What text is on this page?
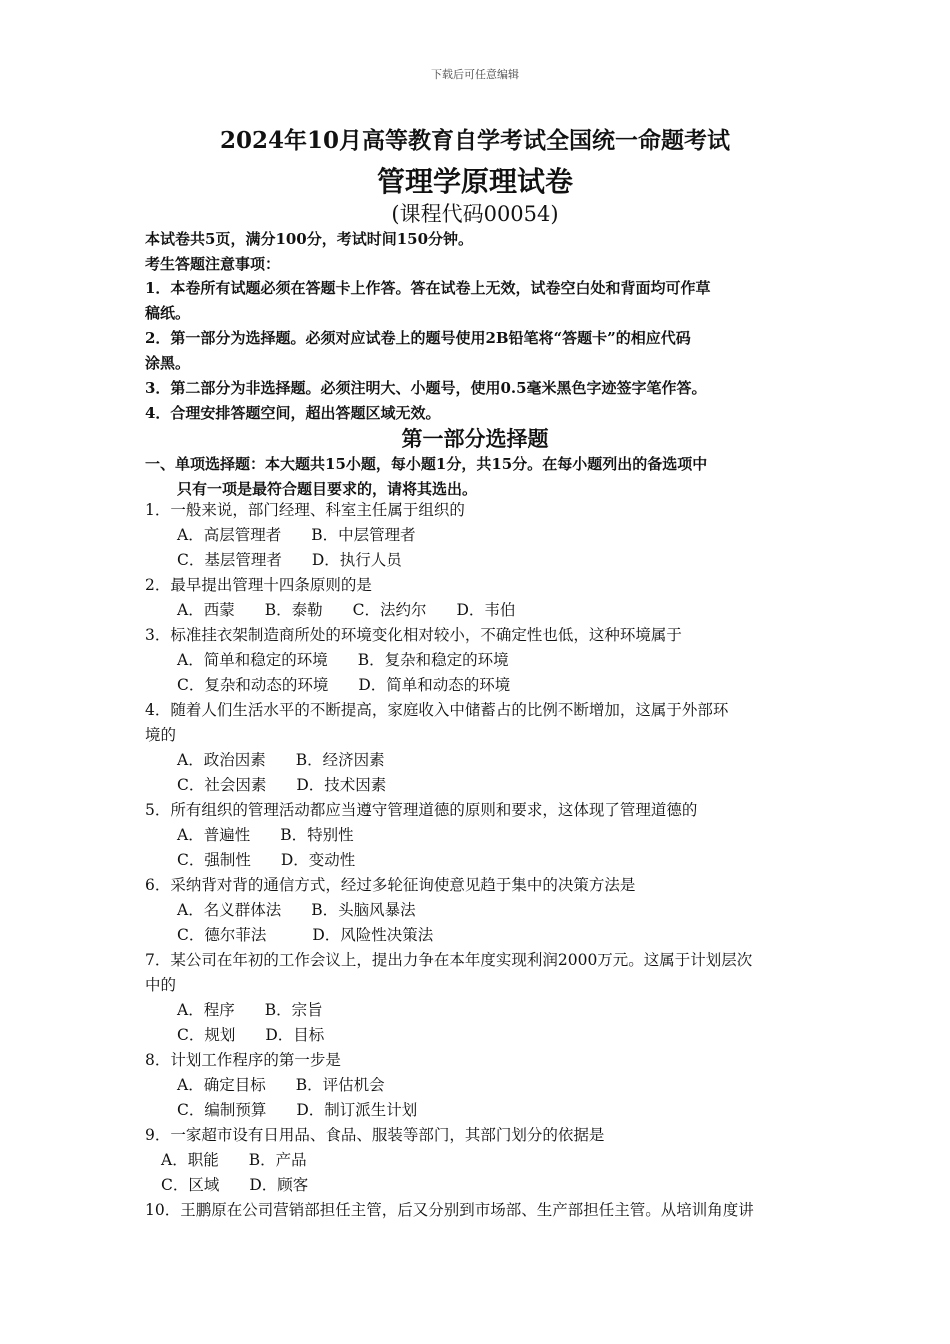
下载后可任意编辑
2024年10月高等教育自学考试全国统一命题考试
管理学原理试卷
(课程代码00054)
本试卷共5页，满分100分，考试时间150分钟。
考生答题注意事项：
1．本卷所有试题必须在答题卡上作答。答在试卷上无效，试卷空白处和背面均可作草
稿纸。
2．第一部分为选择题。必须对应试卷上的题号使用2B铅笔将“答题卡”的相应代码
涂黑。
3．第二部分为非选择题。必须注明大、小题号，使用0.5毫米黑色字迹签字笔作答。
4．合理安排答题空间，超出答题区域无效。
第一部分选择题
一、单项选择题：本大题共15小题，每小题1分，共15分。在每小题列出的备选项中
只有一项是最符合题目要求的，请将其选出。
1．一般来说，部门经理、科室主任属于组织的
A．高层管理者 B．中层管理者
C．基层管理者 D．执行人员
2．最早提出管理十四条原则的是
A．西蒙 B．泰勒 C．法约尔 D．韦伯
3．标准挂衣架制造商所处的环境变化相对较小，不确定性也低，这种环境属于
A．简单和稳定的环境 B．复杂和稳定的环境
C．复杂和动态的环境 D．简单和动态的环境
4．随着人们生活水平的不断提高，家庭收入中储蓄占的比例不断增加，这属于外部环
境的
A．政治因素 B．经济因素
C．社会因素 D．技术因素
5．所有组织的管理活动都应当遵守管理道德的原则和要求，这体现了管理道德的
A．普遍性 B．特别性
C．强制性 D．变动性
6．采纳背对背的通信方式，经过多轮征询使意见趋于集中的决策方法是
A．名义群体法 B．头脑风暴法
C．德尔菲法	D．风险性决策法
7．某公司在年初的工作会议上，提出力争在本年度实现利润2000万元。这属于计划层次
中的
A．程序 B．宗旨
C．规划 D．目标
8．计划工作程序的第一步是
A．确定目标 B．评估机会
C．编制预算 D．制订派生计划
9．一家超市设有日用品、食品、服装等部门，其部门划分的依据是
A．职能 B．产品
C．区域 D．顾客
10．王鹏原在公司营销部担任主管，后又分别到市场部、生产部担任主管。从培训角度讲
